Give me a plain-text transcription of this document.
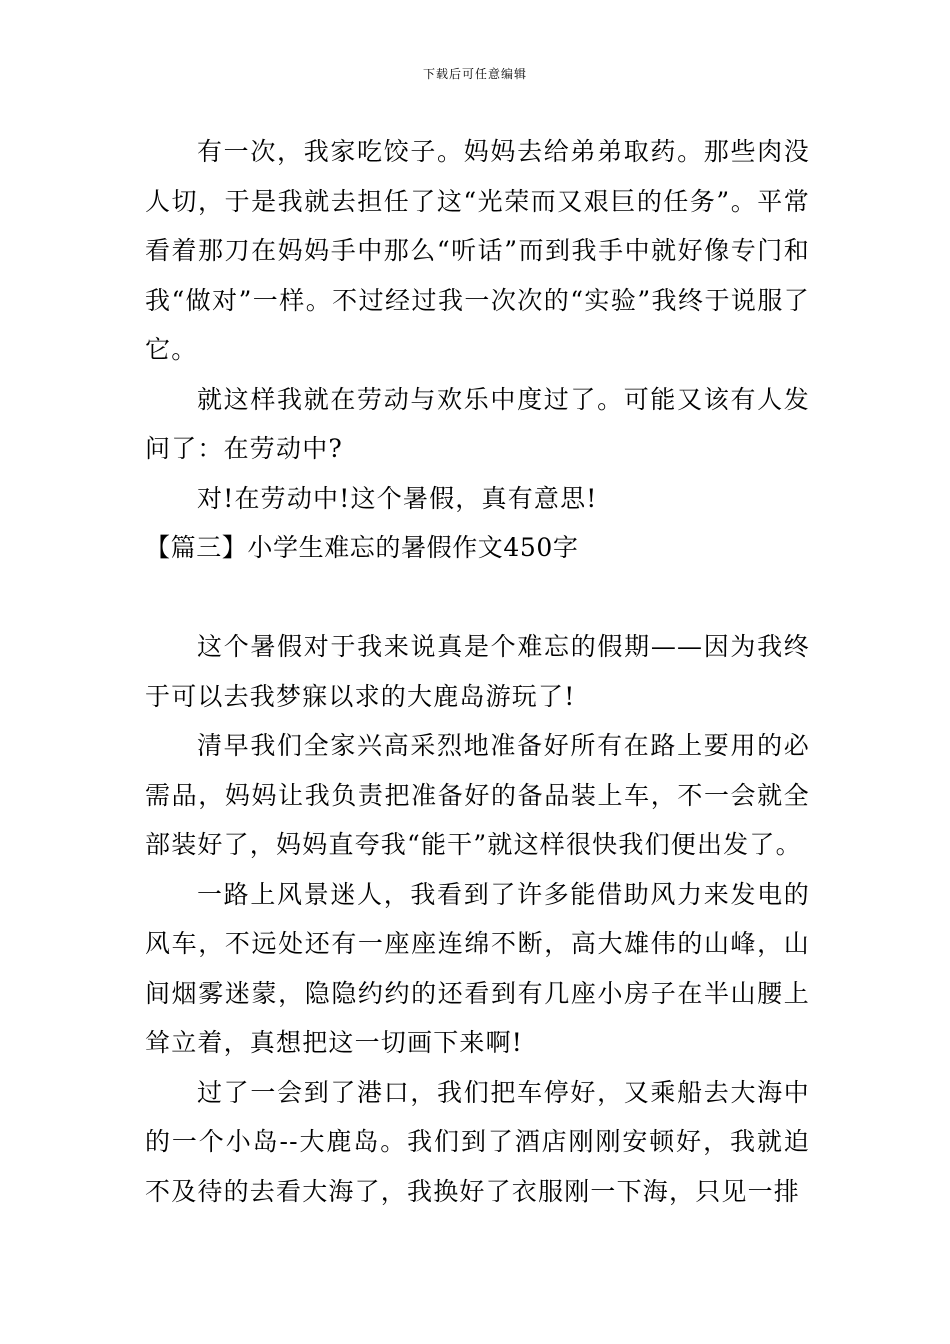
下载后可任意编辑

有一次，我家吃饺子。妈妈去给弟弟取药。那些肉没人切，于是我就去担任了这“光荣而又艰巨的任务”。平常看着那刀在妈妈手中那么“听话”而到我手中就好像专门和我“做对”一样。不过经过我一次次的“实验”我终于说服了它。

就这样我就在劳动与欢乐中度过了。可能又该有人发问了：在劳动中?

对!在劳动中!这个暑假，真有意思!

【篇三】小学生难忘的暑假作文450字

这个暑假对于我来说真是个难忘的假期——因为我终于可以去我梦寐以求的大鹿岛游玩了!

清早我们全家兴高采烈地准备好所有在路上要用的必需品，妈妈让我负责把准备好的备品装上车，不一会就全部装好了，妈妈直夸我“能干”就这样很快我们便出发了。

一路上风景迷人，我看到了许多能借助风力来发电的风车，不远处还有一座座连绵不断，高大雄伟的山峰，山间烟雾迷蒙，隐隐约约的还看到有几座小房子在半山腰上耸立着，真想把这一切画下来啊!

过了一会到了港口，我们把车停好，又乘船去大海中的一个小岛--大鹿岛。我们到了酒店刚刚安顿好，我就迫不及待的去看大海了，我换好了衣服刚一下海，只见一排
